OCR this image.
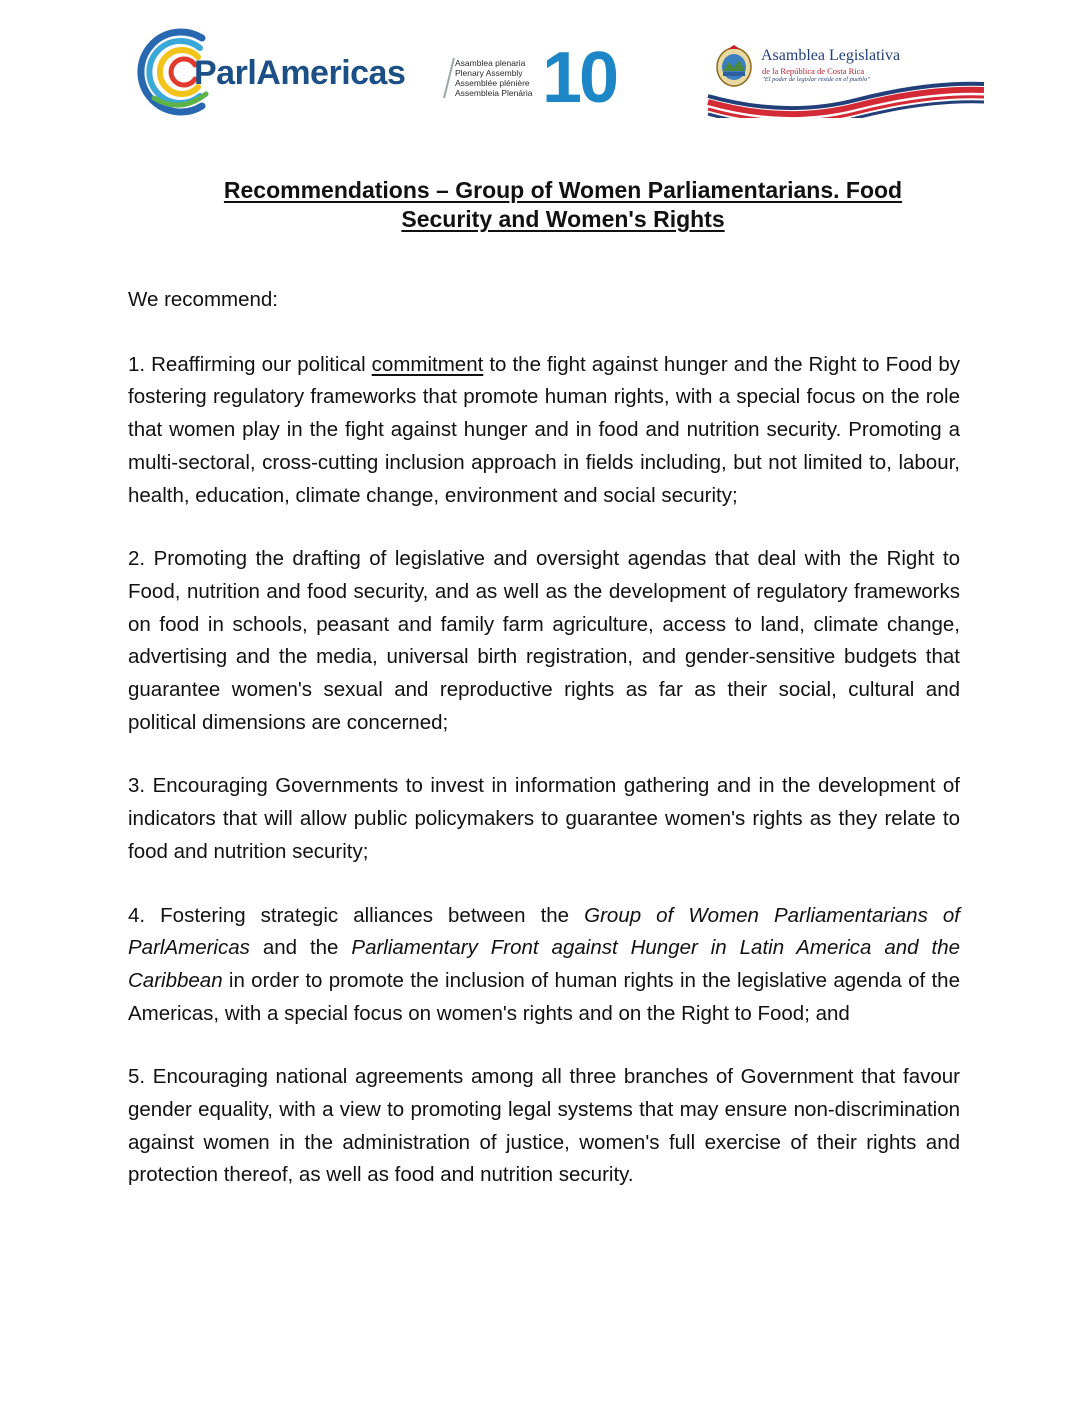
ParlAmericas	Asamblea plenaria
Plenary Assembly
Assemblée plénière
Assembleia Plenária 10	Asamblea Legislativa
de la República de Costa Rica
"El poder de legislar reside en el pueblo"
Recommendations – Group of Women Parliamentarians. Food Security and Women's Rights

We recommend:

1. Reaffirming our political commitment to the fight against hunger and the Right to Food by fostering regulatory frameworks that promote human rights, with a special focus on the role that women play in the fight against hunger and in food and nutrition security. Promoting a multi-sectoral, cross-cutting inclusion approach in fields including, but not limited to, labour, health, education, climate change, environment and social security;

2. Promoting the drafting of legislative and oversight agendas that deal with the Right to Food, nutrition and food security, and as well as the development of regulatory frameworks on food in schools, peasant and family farm agriculture, access to land, climate change, advertising and the media, universal birth registration, and gender-sensitive budgets that guarantee women's sexual and reproductive rights as far as their social, cultural and political dimensions are concerned;

3. Encouraging Governments to invest in information gathering and in the development of indicators that will allow public policymakers to guarantee women's rights as they relate to food and nutrition security;

4. Fostering strategic alliances between the Group of Women Parliamentarians of ParlAmericas and the Parliamentary Front against Hunger in Latin America and the Caribbean in order to promote the inclusion of human rights in the legislative agenda of the Americas, with a special focus on women's rights and on the Right to Food; and

5. Encouraging national agreements among all three branches of Government that favour gender equality, with a view to promoting legal systems that may ensure non-discrimination against women in the administration of justice, women's full exercise of their rights and protection thereof, as well as food and nutrition security.
